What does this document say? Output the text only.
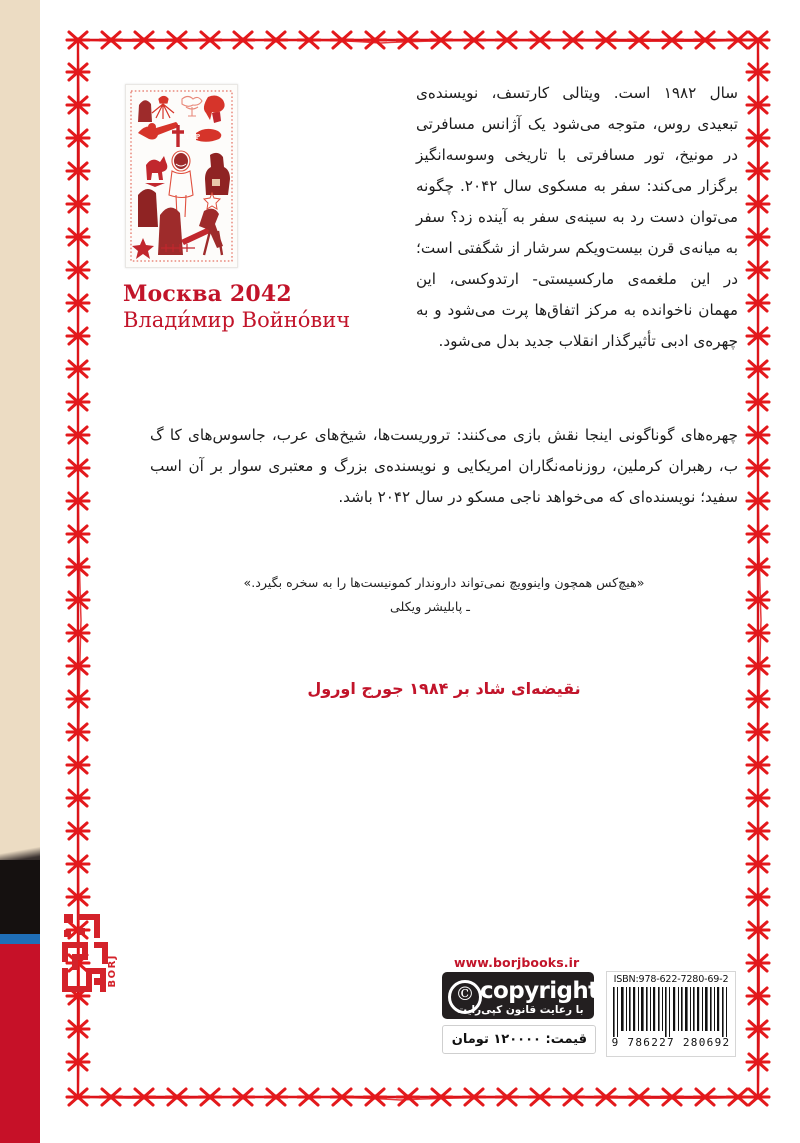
СССР
Москва 2042
Влади́мир Войно́вич
سال ۱۹۸۲ است. ویتالی کارتسف، نویسنده‌ی تبعیدی روس، متوجه می‌شود یک آژانس مسافرتی در مونیخ، تور مسافرتی با تاریخی وسوسه‌انگیز برگزار می‌کند: سفر به مسکوی سال ۲۰۴۲. چگونه می‌توان دست رد به سینه‌ی سفر به آینده زد؟ سفر به میانه‌ی قرن بیست‌ویکم سرشار از شگفتی است؛ در این ملغمه‌ی مارکسیستی- ارتدوکسی، این مهمان ناخوانده به مرکز اتفاق‌ها پرت می‌شود و به چهره‌ی ادبی تأثیرگذار انقلاب جدید بدل می‌شود.
چهره‌های گوناگونی اینجا نقش بازی می‌کنند: تروریست‌ها، شیخ‌های عرب، جاسوس‌های کا گ ب، رهبران کرملین، روزنامه‌نگاران امریکایی و نویسنده‌ی بزرگ و معتبری سوار بر آن اسب سفید؛ نویسنده‌ای که می‌خواهد ناجی مسکو در سال ۲۰۴۲ باشد.
«هیچ‌کس همچون واینوویچ نمی‌تواند داروندار کمونیست‌ها را به سخره بگیرد.»
ـ پابلیشر ویکلی
نقیضه‌ای شاد بر ۱۹۸۴ جورج اورول
BORJ	www.borjbooks.ir
© copyright
با رعایت قانون کپی‌رایت
قیمت: ۱۲۰۰۰۰ تومان
ISBN:978-622-7280-69-2
9 786227 280692
